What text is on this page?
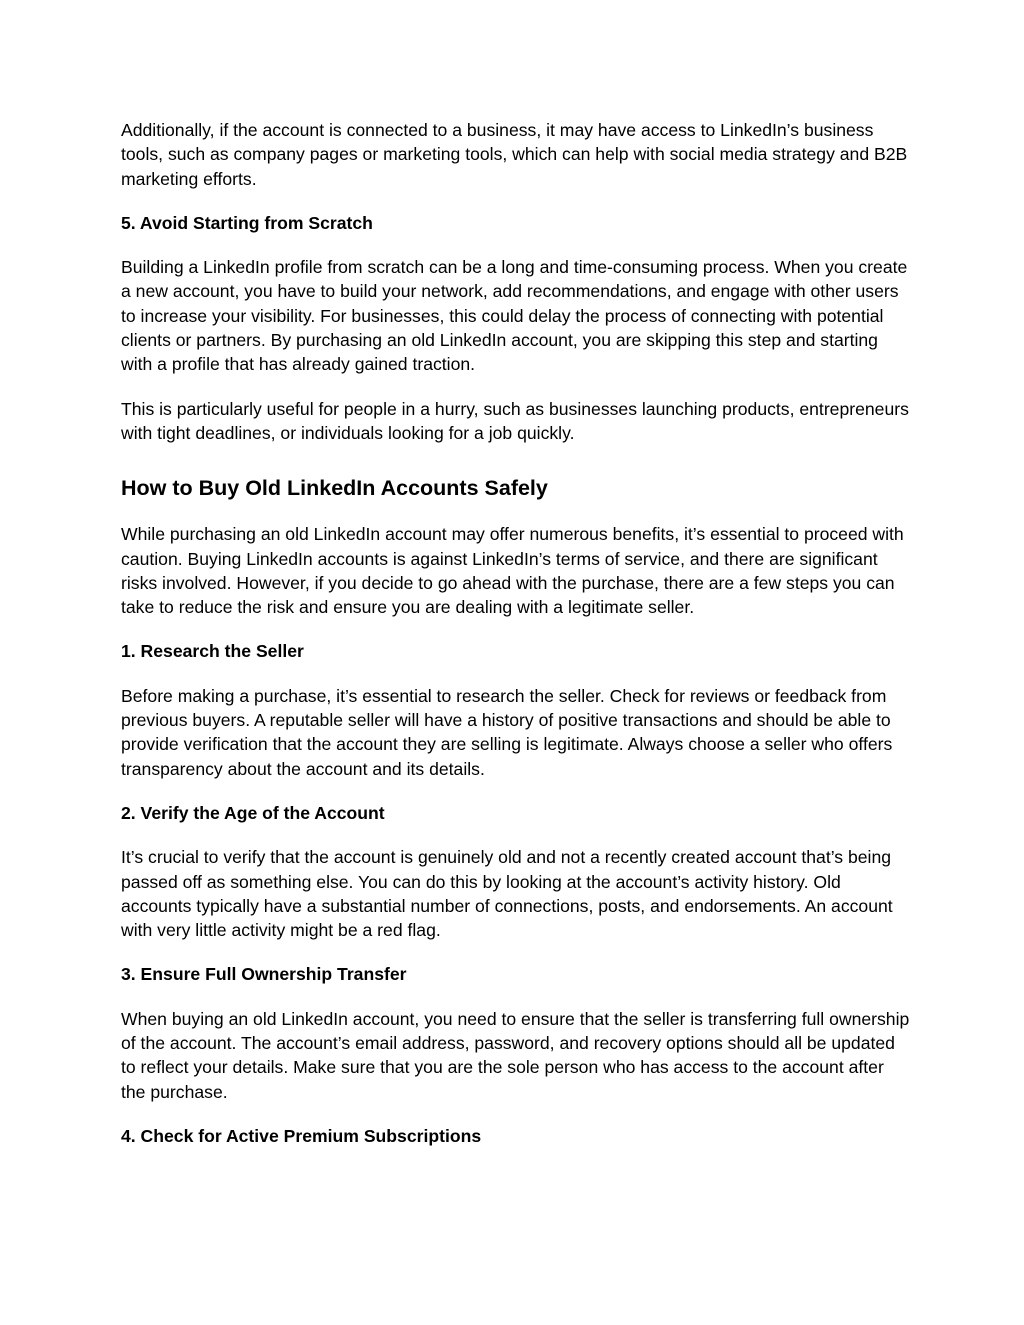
Additionally, if the account is connected to a business, it may have access to LinkedIn’s business tools, such as company pages or marketing tools, which can help with social media strategy and B2B marketing efforts.

5. Avoid Starting from Scratch

Building a LinkedIn profile from scratch can be a long and time-consuming process. When you create a new account, you have to build your network, add recommendations, and engage with other users to increase your visibility. For businesses, this could delay the process of connecting with potential clients or partners. By purchasing an old LinkedIn account, you are skipping this step and starting with a profile that has already gained traction.

This is particularly useful for people in a hurry, such as businesses launching products, entrepreneurs with tight deadlines, or individuals looking for a job quickly.

How to Buy Old LinkedIn Accounts Safely

While purchasing an old LinkedIn account may offer numerous benefits, it’s essential to proceed with caution. Buying LinkedIn accounts is against LinkedIn’s terms of service, and there are significant risks involved. However, if you decide to go ahead with the purchase, there are a few steps you can take to reduce the risk and ensure you are dealing with a legitimate seller.

1. Research the Seller

Before making a purchase, it’s essential to research the seller. Check for reviews or feedback from previous buyers. A reputable seller will have a history of positive transactions and should be able to provide verification that the account they are selling is legitimate. Always choose a seller who offers transparency about the account and its details.

2. Verify the Age of the Account

It’s crucial to verify that the account is genuinely old and not a recently created account that’s being passed off as something else. You can do this by looking at the account’s activity history. Old accounts typically have a substantial number of connections, posts, and endorsements. An account with very little activity might be a red flag.

3. Ensure Full Ownership Transfer

When buying an old LinkedIn account, you need to ensure that the seller is transferring full ownership of the account. The account’s email address, password, and recovery options should all be updated to reflect your details. Make sure that you are the sole person who has access to the account after the purchase.

4. Check for Active Premium Subscriptions
